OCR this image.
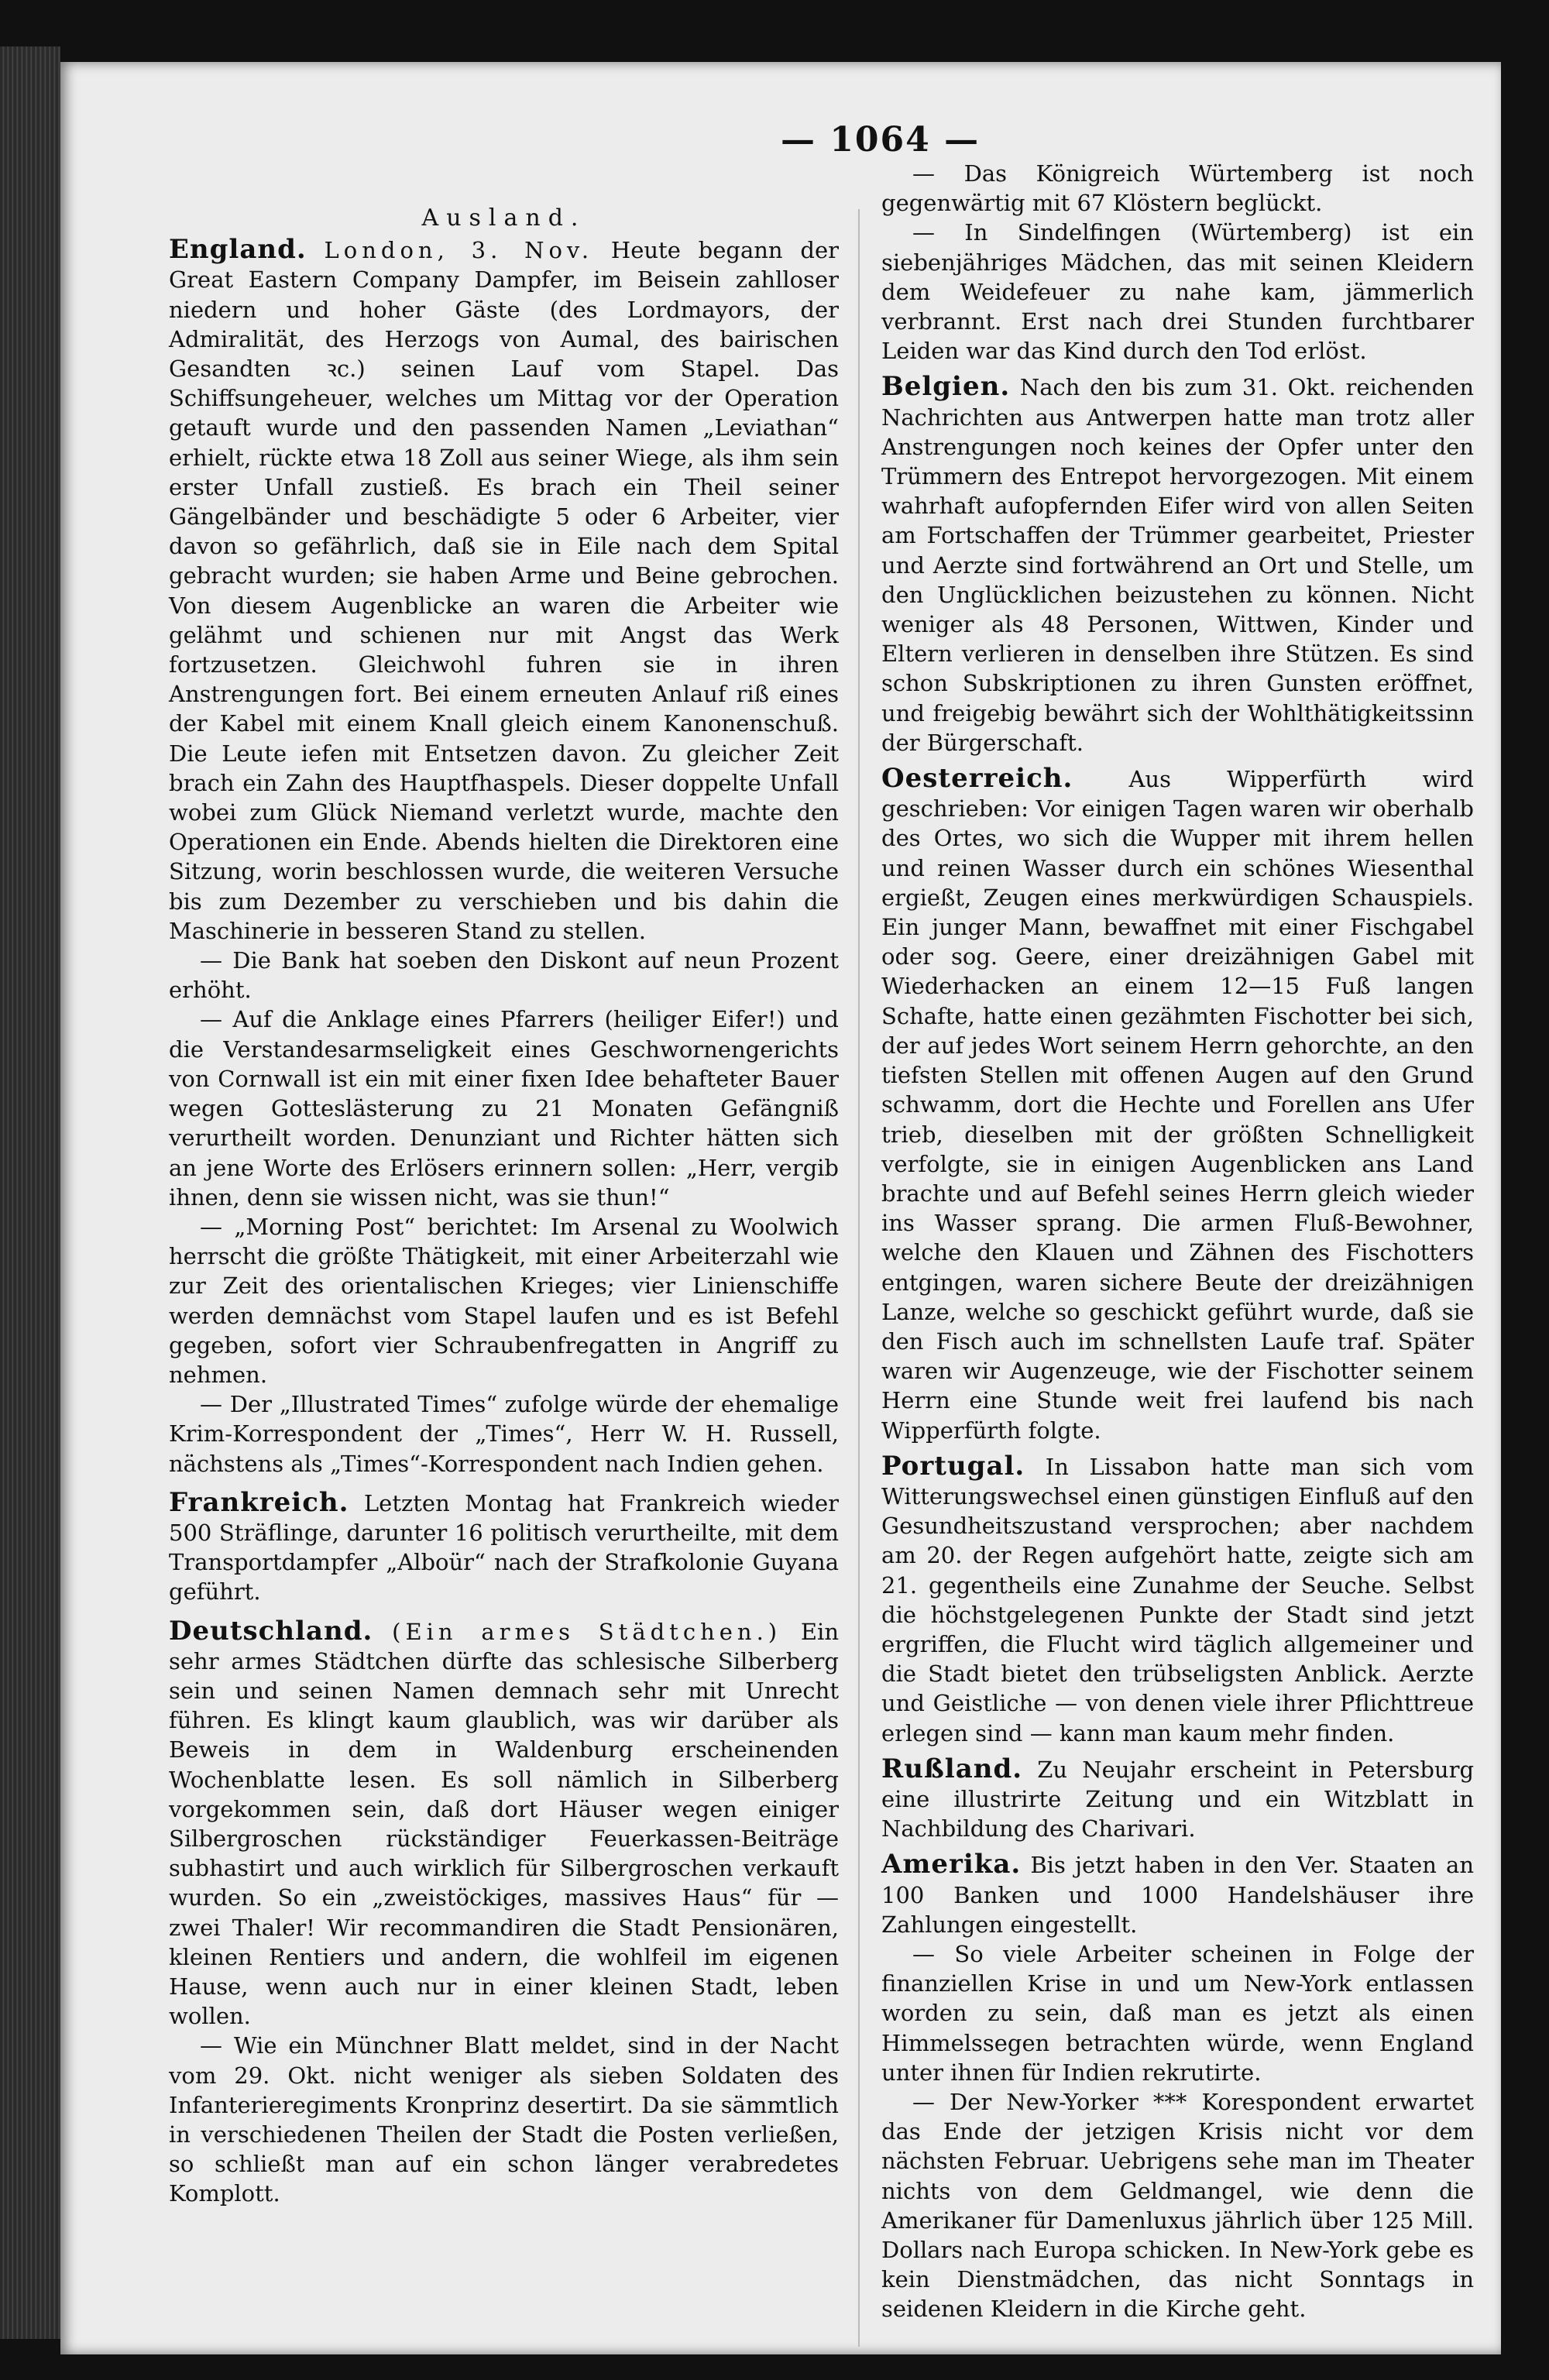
— 1064 —
Ausland.

England. London, 3. Nov. Heute begann der Great Eastern Company Dampfer, im Beisein zahlloser niedern und hoher Gäste (des Lordmayors, der Admiralität, des Herzogs von Aumal, des bairischen Gesandten ꝛc.) seinen Lauf vom Stapel. Das Schiffsungeheuer, welches um Mittag vor der Operation getauft wurde und den passenden Namen „Leviathan“ erhielt, rückte etwa 18 Zoll aus seiner Wiege, als ihm sein erster Unfall zustieß. Es brach ein Theil seiner Gängelbänder und beschädigte 5 oder 6 Arbeiter, vier davon so gefährlich, daß sie in Eile nach dem Spital gebracht wurden; sie haben Arme und Beine gebrochen. Von diesem Augenblicke an waren die Arbeiter wie gelähmt und schienen nur mit Angst das Werk fortzusetzen. Gleichwohl fuhren sie in ihren Anstrengungen fort. Bei einem erneuten Anlauf riß eines der Kabel mit einem Knall gleich einem Kanonenschuß. Die Leute iefen mit Entsetzen davon. Zu gleicher Zeit brach ein Zahn des Hauptfhaspels. Dieser doppelte Unfall wobei zum Glück Niemand verletzt wurde, machte den Operationen ein Ende. Abends hielten die Direktoren eine Sitzung, worin beschlossen wurde, die weiteren Versuche bis zum Dezember zu verschieben und bis dahin die Maschinerie in besseren Stand zu stellen.

— Die Bank hat soeben den Diskont auf neun Prozent erhöht.

— Auf die Anklage eines Pfarrers (heiliger Eifer!) und die Verstandesarmseligkeit eines Geschwornengerichts von Cornwall ist ein mit einer fixen Idee behafteter Bauer wegen Gotteslästerung zu 21 Monaten Gefängniß verurtheilt worden. Denunziant und Richter hätten sich an jene Worte des Erlösers erinnern sollen: „Herr, vergib ihnen, denn sie wissen nicht, was sie thun!“

— „Morning Post“ berichtet: Im Arsenal zu Woolwich herrscht die größte Thätigkeit, mit einer Arbeiterzahl wie zur Zeit des orientalischen Krieges; vier Linienschiffe werden demnächst vom Stapel laufen und es ist Befehl gegeben, sofort vier Schraubenfregatten in Angriff zu nehmen.

— Der „Illustrated Times“ zufolge würde der ehemalige Krim-Korrespondent der „Times“, Herr W. H. Russell, nächstens als „Times“-Korrespondent nach Indien gehen.

Frankreich. Letzten Montag hat Frankreich wieder 500 Sträflinge, darunter 16 politisch verurtheilte, mit dem Transportdampfer „Alboür“ nach der Strafkolonie Guyana geführt.

Deutschland. (Ein armes Städtchen.) Ein sehr armes Städtchen dürfte das schlesische Silberberg sein und seinen Namen demnach sehr mit Unrecht führen. Es klingt kaum glaublich, was wir darüber als Beweis in dem in Waldenburg erscheinenden Wochenblatte lesen. Es soll nämlich in Silberberg vorgekommen sein, daß dort Häuser wegen einiger Silbergroschen rückständiger Feuerkassen-Beiträge subhastirt und auch wirklich für Silbergroschen verkauft wurden. So ein „zweistöckiges, massives Haus“ für — zwei Thaler! Wir recommandiren die Stadt Pensionären, kleinen Rentiers und andern, die wohlfeil im eigenen Hause, wenn auch nur in einer kleinen Stadt, leben wollen.

— Wie ein Münchner Blatt meldet, sind in der Nacht vom 29. Okt. nicht weniger als sieben Soldaten des Infanterieregiments Kronprinz desertirt. Da sie sämmtlich in verschiedenen Theilen der Stadt die Posten verließen, so schließt man auf ein schon länger verabredetes Komplott.

— Das Königreich Würtemberg ist noch gegenwärtig mit 67 Klöstern beglückt.

— In Sindelfingen (Würtemberg) ist ein siebenjähriges Mädchen, das mit seinen Kleidern dem Weidefeuer zu nahe kam, jämmerlich verbrannt. Erst nach drei Stunden furchtbarer Leiden war das Kind durch den Tod erlöst.

Belgien. Nach den bis zum 31. Okt. reichenden Nachrichten aus Antwerpen hatte man trotz aller Anstrengungen noch keines der Opfer unter den Trümmern des Entrepot hervorgezogen. Mit einem wahrhaft aufopfernden Eifer wird von allen Seiten am Fortschaffen der Trümmer gearbeitet, Priester und Aerzte sind fortwährend an Ort und Stelle, um den Unglücklichen beizustehen zu können. Nicht weniger als 48 Personen, Wittwen, Kinder und Eltern verlieren in denselben ihre Stützen. Es sind schon Subskriptionen zu ihren Gunsten eröffnet, und freigebig bewährt sich der Wohlthätigkeitssinn der Bürgerschaft.

Oesterreich. Aus Wipperfürth wird geschrieben: Vor einigen Tagen waren wir oberhalb des Ortes, wo sich die Wupper mit ihrem hellen und reinen Wasser durch ein schönes Wiesenthal ergießt, Zeugen eines merkwürdigen Schauspiels. Ein junger Mann, bewaffnet mit einer Fischgabel oder sog. Geere, einer dreizähnigen Gabel mit Wiederhacken an einem 12—15 Fuß langen Schafte, hatte einen gezähmten Fischotter bei sich, der auf jedes Wort seinem Herrn gehorchte, an den tiefsten Stellen mit offenen Augen auf den Grund schwamm, dort die Hechte und Forellen ans Ufer trieb, dieselben mit der größten Schnelligkeit verfolgte, sie in einigen Augenblicken ans Land brachte und auf Befehl seines Herrn gleich wieder ins Wasser sprang. Die armen Fluß-Bewohner, welche den Klauen und Zähnen des Fischotters entgingen, waren sichere Beute der dreizähnigen Lanze, welche so geschickt geführt wurde, daß sie den Fisch auch im schnellsten Laufe traf. Später waren wir Augenzeuge, wie der Fischotter seinem Herrn eine Stunde weit frei laufend bis nach Wipperfürth folgte.

Portugal. In Lissabon hatte man sich vom Witterungswechsel einen günstigen Einfluß auf den Gesundheitszustand versprochen; aber nachdem am 20. der Regen aufgehört hatte, zeigte sich am 21. gegentheils eine Zunahme der Seuche. Selbst die höchstgelegenen Punkte der Stadt sind jetzt ergriffen, die Flucht wird täglich allgemeiner und die Stadt bietet den trübseligsten Anblick. Aerzte und Geistliche — von denen viele ihrer Pflichttreue erlegen sind — kann man kaum mehr finden.

Rußland. Zu Neujahr erscheint in Petersburg eine illustrirte Zeitung und ein Witzblatt in Nachbildung des Charivari.

Amerika. Bis jetzt haben in den Ver. Staaten an 100 Banken und 1000 Handelshäuser ihre Zahlungen eingestellt.

— So viele Arbeiter scheinen in Folge der finanziellen Krise in und um New-York entlassen worden zu sein, daß man es jetzt als einen Himmelssegen betrachten würde, wenn England unter ihnen für Indien rekrutirte.

— Der New-Yorker *** Korespondent erwartet das Ende der jetzigen Krisis nicht vor dem nächsten Februar. Uebrigens sehe man im Theater nichts von dem Geldmangel, wie denn die Amerikaner für Damenluxus jährlich über 125 Mill. Dollars nach Europa schicken. In New-York gebe es kein Dienstmädchen, das nicht Sonntags in seidenen Kleidern in die Kirche geht.
